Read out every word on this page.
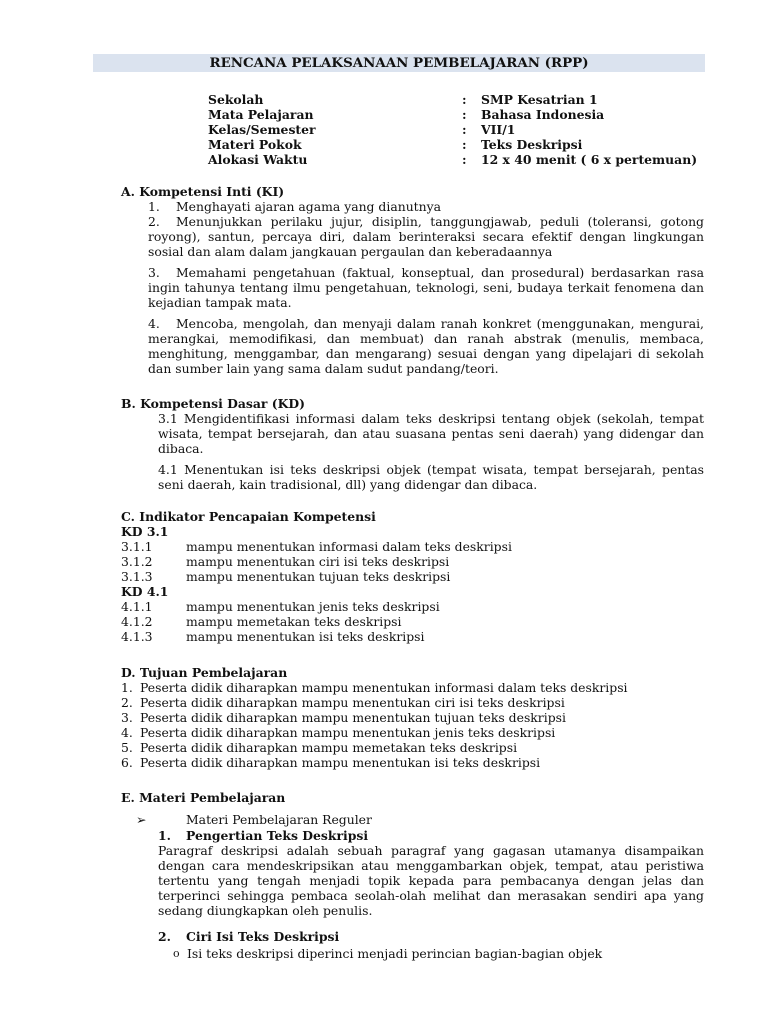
RENCANA PELAKSANAAN PEMBELAJARAN (RPP)
Sekolah	:	SMP Kesatrian 1
Mata Pelajaran	:	Bahasa Indonesia
Kelas/Semester	:	VII/1
Materi Pokok	:	Teks Deskripsi
Alokasi Waktu	:	12 x 40 menit ( 6 x pertemuan)
A. Kompetensi Inti (KI)
1.	Menghayati ajaran agama yang dianutnya
2.	Menunjukkan perilaku jujur, disiplin, tanggungjawab, peduli (toleransi, gotong royong), santun, percaya diri, dalam berinteraksi secara efektif dengan lingkungan sosial dan alam dalam jangkauan pergaulan dan keberadaannya
3.	Memahami pengetahuan (faktual, konseptual, dan prosedural) berdasarkan rasa ingin tahunya tentang ilmu pengetahuan, teknologi, seni, budaya terkait fenomena dan kejadian tampak mata.
4.	Mencoba, mengolah, dan menyaji dalam ranah konkret (menggunakan, mengurai, merangkai, memodifikasi, dan membuat) dan ranah abstrak (menulis, membaca, menghitung, menggambar, dan mengarang) sesuai dengan yang dipelajari di sekolah dan sumber lain yang sama dalam sudut pandang/teori.
B. Kompetensi Dasar (KD)

3.1 Mengidentifikasi informasi dalam teks deskripsi tentang objek (sekolah, tempat wisata, tempat bersejarah, dan atau suasana pentas seni daerah) yang didengar dan dibaca.

4.1 Menentukan isi teks deskripsi objek (tempat wisata, tempat bersejarah, pentas seni daerah, kain tradisional, dll) yang didengar dan dibaca.

C. Indikator Pencapaian Kompetensi
KD 3.1
3.1.1	mampu menentukan informasi dalam teks deskripsi
3.1.2	mampu menentukan ciri isi teks deskripsi
3.1.3	mampu menentukan tujuan teks deskripsi
KD 4.1
4.1.1	mampu menentukan jenis teks deskripsi
4.1.2	mampu memetakan teks deskripsi
4.1.3	mampu menentukan isi teks deskripsi
D. Tujuan Pembelajaran
1. Peserta didik diharapkan mampu menentukan informasi dalam teks deskripsi
2. Peserta didik diharapkan mampu menentukan ciri isi teks deskripsi
3. Peserta didik diharapkan mampu menentukan tujuan teks deskripsi
4. Peserta didik diharapkan mampu menentukan jenis teks deskripsi
5. Peserta didik diharapkan mampu memetakan teks deskripsi
6. Peserta didik diharapkan mampu menentukan isi teks deskripsi
E. Materi Pembelajaran
➢	Materi Pembelajaran Reguler
1.	Pengertian Teks Deskripsi

Paragraf deskripsi adalah sebuah paragraf yang gagasan utamanya disampaikan dengan cara mendeskripsikan atau menggambarkan objek, tempat, atau peristiwa tertentu yang tengah menjadi topik kepada para pembacanya dengan jelas dan terperinci sehingga pembaca seolah-olah melihat dan merasakan sendiri apa yang sedang diungkapkan oleh penulis.

2.	Ciri Isi Teks Deskripsi
o Isi teks deskripsi diperinci menjadi perincian bagian-bagian objek
